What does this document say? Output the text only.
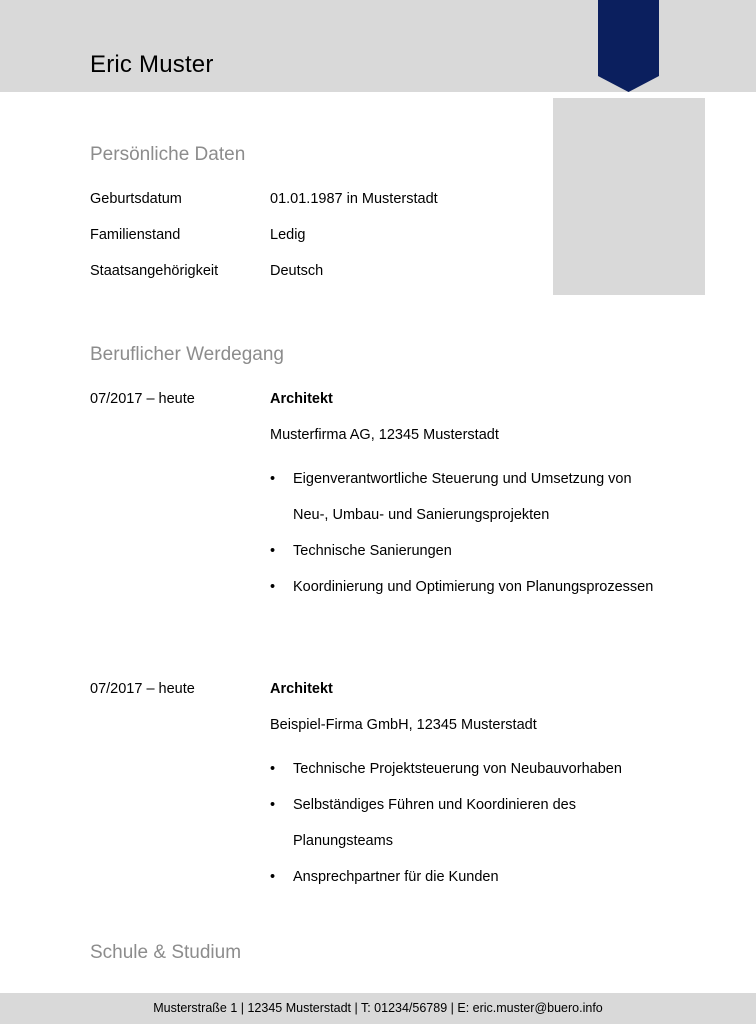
Eric Muster
Persönliche Daten
Geburtsdatum	01.01.1987 in Musterstadt
Familienstand	Ledig
Staatsangehörigkeit	Deutsch
Beruflicher Werdegang
07/2017 – heute	Architekt
Musterfirma AG, 12345 Musterstadt
•	Eigenverantwortliche Steuerung und Umsetzung von Neu-, Umbau- und Sanierungsprojekten
•	Technische Sanierungen
•	Koordinierung und Optimierung von Planungsprozessen
07/2017 – heute	Architekt
Beispiel-Firma GmbH, 12345 Musterstadt
•	Technische Projektsteuerung von Neubauvorhaben
•	Selbständiges Führen und Koordinieren des Planungsteams
•	Ansprechpartner für die Kunden
Schule & Studium
Musterstraße 1 | 12345 Musterstadt | T: 01234/56789 | E: eric.muster@buero.info
